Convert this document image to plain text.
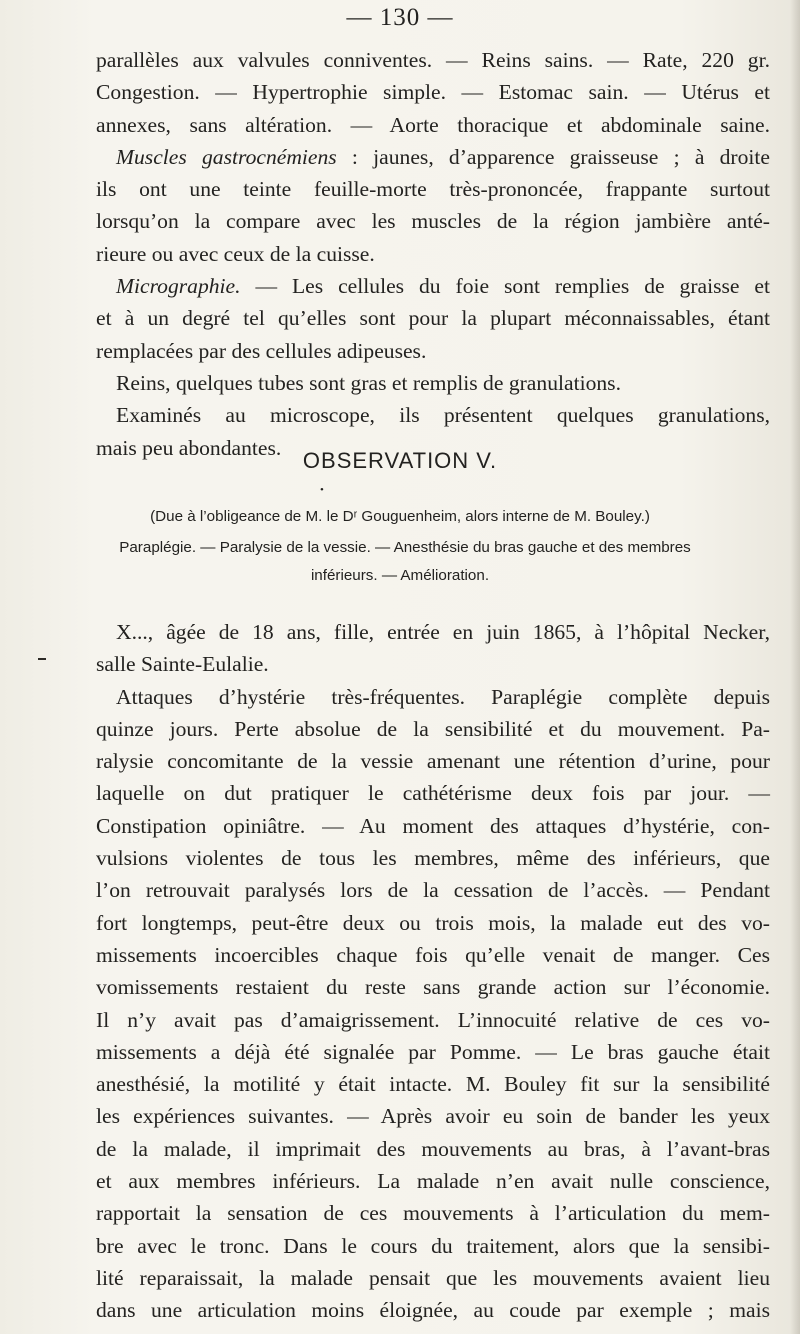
— 130 —
parallèles aux valvules conniventes. — Reins sains. — Rate, 220 gr.
Congestion. — Hypertrophie simple. — Estomac sain. — Utérus et
annexes, sans altération. — Aorte thoracique et abdominale saine.
Muscles gastrocnémiens : jaunes, d’apparence graisseuse ; à droite
ils ont une teinte feuille-morte très-prononcée, frappante surtout
lorsqu’on la compare avec les muscles de la région jambière anté-
rieure ou avec ceux de la cuisse.
Micrographie. — Les cellules du foie sont remplies de graisse et
et à un degré tel qu’elles sont pour la plupart méconnaissables, étant
remplacées par des cellules adipeuses.
Reins, quelques tubes sont gras et remplis de granulations.
Examinés au microscope, ils présentent quelques granulations,
mais peu abondantes.
OBSERVATION V.
•
(Due à l’obligeance de M. le Dʳ Gouguenheim, alors interne de M. Bouley.)
Paraplégie. — Paralysie de la vessie. — Anesthésie du bras gauche et des membres
inférieurs. — Amélioration.
X..., âgée de 18 ans, fille, entrée en juin 1865, à l’hôpital Necker,
salle Sainte-Eulalie.
Attaques d’hystérie très-fréquentes. Paraplégie complète depuis
quinze jours. Perte absolue de la sensibilité et du mouvement. Pa-
ralysie concomitante de la vessie amenant une rétention d’urine, pour
laquelle on dut pratiquer le cathétérisme deux fois par jour. —
Constipation opiniâtre. — Au moment des attaques d’hystérie, con-
vulsions violentes de tous les membres, même des inférieurs, que
l’on retrouvait paralysés lors de la cessation de l’accès. — Pendant
fort longtemps, peut-être deux ou trois mois, la malade eut des vo-
missements incoercibles chaque fois qu’elle venait de manger. Ces
vomissements restaient du reste sans grande action sur l’économie.
Il n’y avait pas d’amaigrissement. L’innocuité relative de ces vo-
missements a déjà été signalée par Pomme. — Le bras gauche était
anesthésié, la motilité y était intacte. M. Bouley fit sur la sensibilité
les expériences suivantes. — Après avoir eu soin de bander les yeux
de la malade, il imprimait des mouvements au bras, à l’avant-bras
et aux membres inférieurs. La malade n’en avait nulle conscience,
rapportait la sensation de ces mouvements à l’articulation du mem-
bre avec le tronc. Dans le cours du traitement, alors que la sensibi-
lité reparaissait, la malade pensait que les mouvements avaient lieu
dans une articulation moins éloignée, au coude par exemple ; mais
